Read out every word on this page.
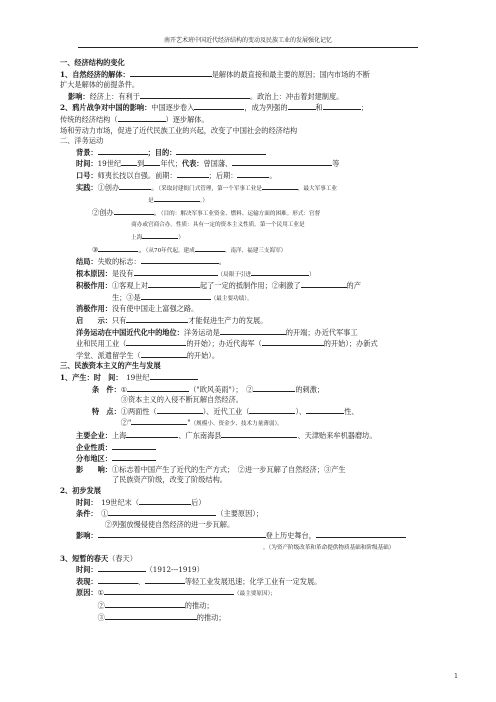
南开艺术班中国近代经济结构的变动及民族工业的发展强化记忆
一、经济结构的变化
1、自然经济的解体：	是解体的最直接和最主要的原因；国内市场的不断
扩大是解体的前提条件。
影响：经济上：有利于	。政治上：冲击着封建制度。
2、鸦片战争对中国的影响：中国逐步卷入	，成为列强的	和	；
传统的经济结构（	）逐步解体。
场和劳动力市场，促进了近代民族工业的兴起，改变了中国社会的经济结构
二、洋务运动
背景：	；目的：
时间：19世纪 到 年代；代表：曾国藩、	等
口号：师夷长技以自强。前期：	；后期：	。
实践：①创办	。（采取封建衙门式管理，第一个军事工业是	，最大军事工业
　　　　　　　　　　是	。）
②创办	。（目的：解决军事工业资金、燃料、运输方面的困难。形式：官督
　　　　　　　商办或官商合办。性质：具有一定的资本主义性质。第一个民用工业是
　　　　　　　上海	）
③	。（从70年代起，建成	、南洋、福建三支海军）
结局：失败的标志：	。
根本原因：是没有	（局限于引进	）
积极作用：①客观上对	起了一定的抵制作用；②刺激了	的产
　　　　　生；③是	（最主要功绩）。
消极作用：没有使中国走上富强之路。
启　　示：只有	才能促进生产力的发展。
洋务运动在中国近代化中的地位：洋务运动是	的开端；办近代军事工
业和民用工业（	的开始）；办近代海军（	的开始）；办新式
学堂、派遣留学生（	的开始）。
三、民族资本主义的产生与发展
1、产生：时　间：　19世纪
条　件：①	（"欧风美雨"）；　②	的刺激；
　　　　③资本主义的入侵不断瓦解自然经济。
特　点：①两面性（	）、近代工业（	）、	性、
　　　　②"	"（规模小、资金少、技术力量薄弱）。
主要企业：上海	、广东南海县	、天津贻来牟机器磨坊。
企业性质：
分布地区：
影　　响：①标志着中国产生了近代的生产方式；　②进一步瓦解了自然经济；③产生
　　　　　了民族资产阶级，改变了阶级结构。
2、初步发展
时间：　19世纪末（	后）
条件：　①	（主要原因）；
　　　　②列强放慢侵使自然经济的进一步瓦解。
影响：	登上历史舞台，
　　　　　　　　　　　　　　　　　　　　　　　　　　。（为资产阶级改革和革命提供物质基础和阶级基础）
3、短暂的春天（春天）
时间：	（1912---1919）
表现：	、	等轻工业发展迅速；化学工业有一定发展。
原因：①	（最主要原因）；
　　　②	的推动；
　　　③	的推动；
1
